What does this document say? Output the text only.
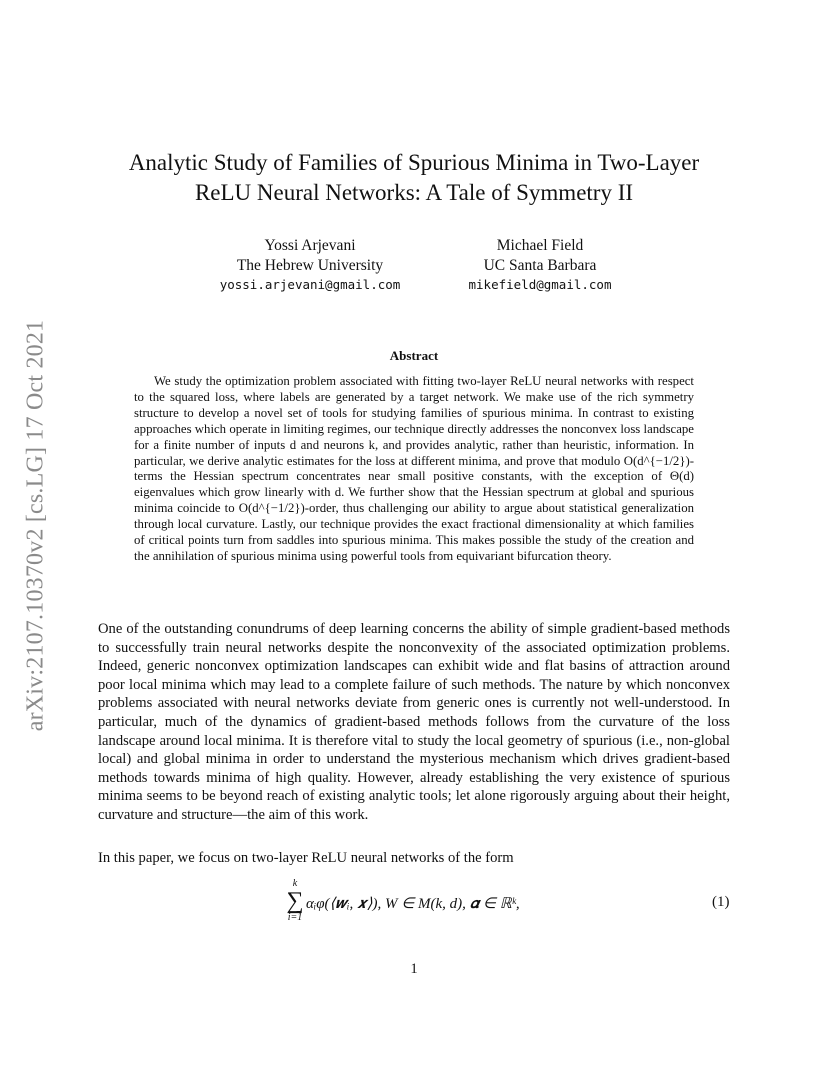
arXiv:2107.10370v2 [cs.LG] 17 Oct 2021
Analytic Study of Families of Spurious Minima in Two-Layer
ReLU Neural Networks: A Tale of Symmetry II
Yossi Arjevani
The Hebrew University
yossi.arjevani@gmail.com
Michael Field
UC Santa Barbara
mikefield@gmail.com
Abstract
We study the optimization problem associated with fitting two-layer ReLU neural networks with respect to the squared loss, where labels are generated by a target network. We make use of the rich symmetry structure to develop a novel set of tools for studying families of spurious minima. In contrast to existing approaches which operate in limiting regimes, our technique directly addresses the nonconvex loss landscape for a finite number of inputs d and neurons k, and provides analytic, rather than heuristic, information. In particular, we derive analytic estimates for the loss at different minima, and prove that modulo O(d^{−1/2})-terms the Hessian spectrum concentrates near small positive constants, with the exception of Θ(d) eigenvalues which grow linearly with d. We further show that the Hessian spectrum at global and spurious minima coincide to O(d^{−1/2})-order, thus challenging our ability to argue about statistical generalization through local curvature. Lastly, our technique provides the exact fractional dimensionality at which families of critical points turn from saddles into spurious minima. This makes possible the study of the creation and the annihilation of spurious minima using powerful tools from equivariant bifurcation theory.
One of the outstanding conundrums of deep learning concerns the ability of simple gradient-based methods to successfully train neural networks despite the nonconvexity of the associated optimization problems. Indeed, generic nonconvex optimization landscapes can exhibit wide and flat basins of attraction around poor local minima which may lead to a complete failure of such methods. The nature by which nonconvex problems associated with neural networks deviate from generic ones is currently not well-understood. In particular, much of the dynamics of gradient-based methods follows from the curvature of the loss landscape around local minima. It is therefore vital to study the local geometry of spurious (i.e., non-global local) and global minima in order to understand the mysterious mechanism which drives gradient-based methods towards minima of high quality. However, already establishing the very existence of spurious minima seems to be beyond reach of existing analytic tools; let alone rigorously arguing about their height, curvature and structure—the aim of this work.
In this paper, we focus on two-layer ReLU neural networks of the form
k
∑
i=1
αᵢφ(⟨𝒘ᵢ, 𝒙⟩), W ∈ M(k, d), 𝜶 ∈ ℝᵏ,	(1)
1
